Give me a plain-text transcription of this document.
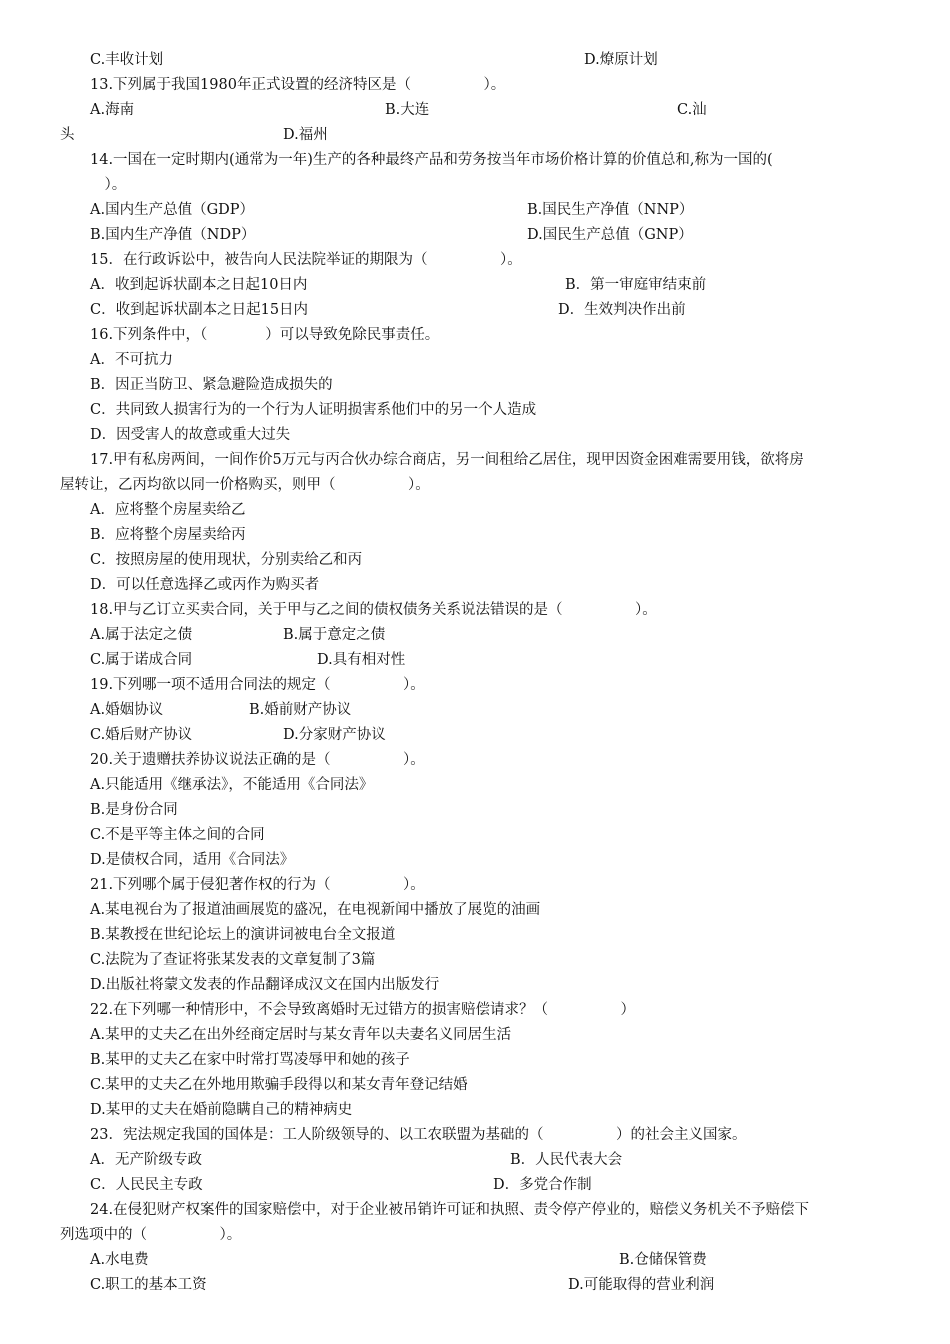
C.丰收计划	D.燎原计划
13.下列属于我国1980年正式设置的经济特区是（　　　　　）。
A.海南	B.大连	C.汕
头	D.福州
14.一国在一定时期内(通常为一年)生产的各种最终产品和劳务按当年市场价格计算的价值总和,称为一国的(
　）。
A.国内生产总值（GDP）	B.国民生产净值（NNP）
B.国内生产净值（NDP）	D.国民生产总值（GNP）
15．在行政诉讼中，被告向人民法院举证的期限为（　　　　　）。
A．收到起诉状副本之日起10日内	B．第一审庭审结束前
C．收到起诉状副本之日起15日内	D．生效判决作出前
16.下列条件中，（　　　　）可以导致免除民事责任。
A．不可抗力
B．因正当防卫、紧急避险造成损失的
C．共同致人损害行为的一个行为人证明损害系他们中的另一个人造成
D．因受害人的故意或重大过失
17.甲有私房两间，一间作价5万元与丙合伙办综合商店，另一间租给乙居住，现甲因资金困难需要用钱，欲将房
屋转让，乙丙均欲以同一价格购买，则甲（　　　　　）。
A．应将整个房屋卖给乙
B．应将整个房屋卖给丙
C．按照房屋的使用现状，分别卖给乙和丙
D．可以任意选择乙或丙作为购买者
18.甲与乙订立买卖合同，关于甲与乙之间的债权债务关系说法错误的是（　　　　　）。
A.属于法定之债	B.属于意定之债
C.属于诺成合同	D.具有相对性
19.下列哪一项不适用合同法的规定（　　　　　）。
A.婚姻协议	B.婚前财产协议
C.婚后财产协议	D.分家财产协议
20.关于遗赠扶养协议说法正确的是（　　　　　）。
A.只能适用《继承法》，不能适用《合同法》
B.是身份合同
C.不是平等主体之间的合同
D.是债权合同，适用《合同法》
21.下列哪个属于侵犯著作权的行为（　　　　　）。
A.某电视台为了报道油画展览的盛况，在电视新闻中播放了展览的油画
B.某教授在世纪论坛上的演讲词被电台全文报道
C.法院为了查证将张某发表的文章复制了3篇
D.出版社将蒙文发表的作品翻译成汉文在国内出版发行
22.在下列哪一种情形中，不会导致离婚时无过错方的损害赔偿请求？（　　　　　）
A.某甲的丈夫乙在出外经商定居时与某女青年以夫妻名义同居生活
B.某甲的丈夫乙在家中时常打骂凌辱甲和她的孩子
C.某甲的丈夫乙在外地用欺骗手段得以和某女青年登记结婚
D.某甲的丈夫在婚前隐瞒自己的精神病史
23．宪法规定我国的国体是：工人阶级领导的、以工农联盟为基础的（　　　　　）的社会主义国家。
A．无产阶级专政	B．人民代表大会
C．人民民主专政	D．多党合作制
24.在侵犯财产权案件的国家赔偿中，对于企业被吊销许可证和执照、责令停产停业的，赔偿义务机关不予赔偿下
列选项中的（　　　　　）。
A.水电费	B.仓储保管费
C.职工的基本工资	D.可能取得的营业利润
